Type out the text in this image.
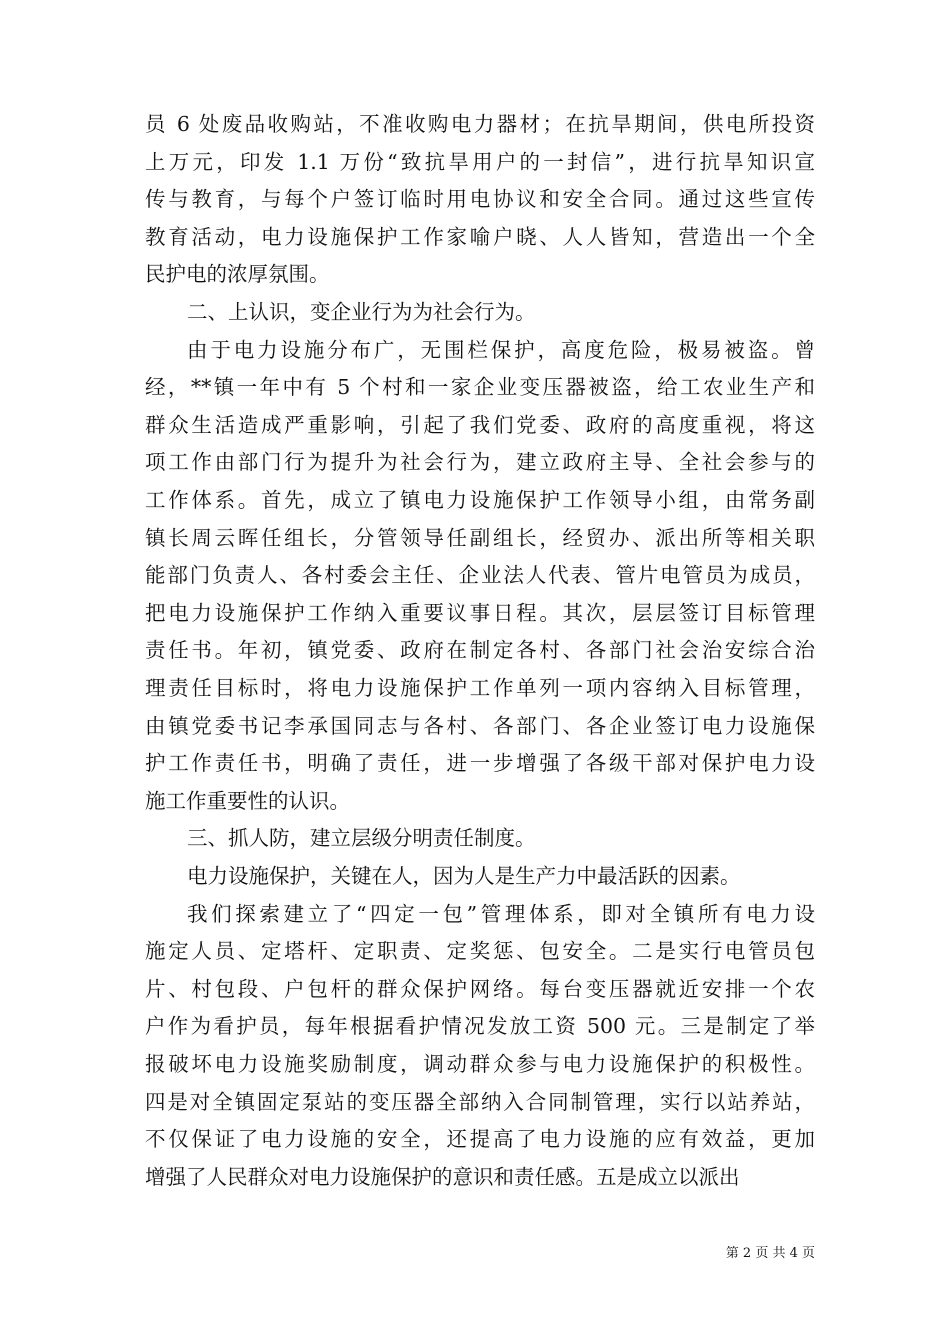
员 6 处废品收购站，不准收购电力器材；在抗旱期间，供电所投资
上万元，印发 1.1 万份“致抗旱用户的一封信”，进行抗旱知识宣
传与教育，与每个户签订临时用电协议和安全合同。通过这些宣传
教育活动，电力设施保护工作家喻户晓、人人皆知，营造出一个全
民护电的浓厚氛围。
二、上认识，变企业行为为社会行为。
由于电力设施分布广，无围栏保护，高度危险，极易被盗。曾
经，**镇一年中有 5 个村和一家企业变压器被盗，给工农业生产和
群众生活造成严重影响，引起了我们党委、政府的高度重视，将这
项工作由部门行为提升为社会行为，建立政府主导、全社会参与的
工作体系。首先，成立了镇电力设施保护工作领导小组，由常务副
镇长周云晖任组长，分管领导任副组长，经贸办、派出所等相关职
能部门负责人、各村委会主任、企业法人代表、管片电管员为成员，
把电力设施保护工作纳入重要议事日程。其次，层层签订目标管理
责任书。年初，镇党委、政府在制定各村、各部门社会治安综合治
理责任目标时，将电力设施保护工作单列一项内容纳入目标管理，
由镇党委书记李承国同志与各村、各部门、各企业签订电力设施保
护工作责任书，明确了责任，进一步增强了各级干部对保护电力设
施工作重要性的认识。
三、抓人防，建立层级分明责任制度。
电力设施保护，关键在人，因为人是生产力中最活跃的因素。
我们探索建立了“四定一包”管理体系，即对全镇所有电力设
施定人员、定塔杆、定职责、定奖惩、包安全。二是实行电管员包
片、村包段、户包杆的群众保护网络。每台变压器就近安排一个农
户作为看护员，每年根据看护情况发放工资 500 元。三是制定了举
报破坏电力设施奖励制度，调动群众参与电力设施保护的积极性。
四是对全镇固定泵站的变压器全部纳入合同制管理，实行以站养站，
不仅保证了电力设施的安全，还提高了电力设施的应有效益，更加
增强了人民群众对电力设施保护的意识和责任感。五是成立以派出
第 2 页 共 4 页
